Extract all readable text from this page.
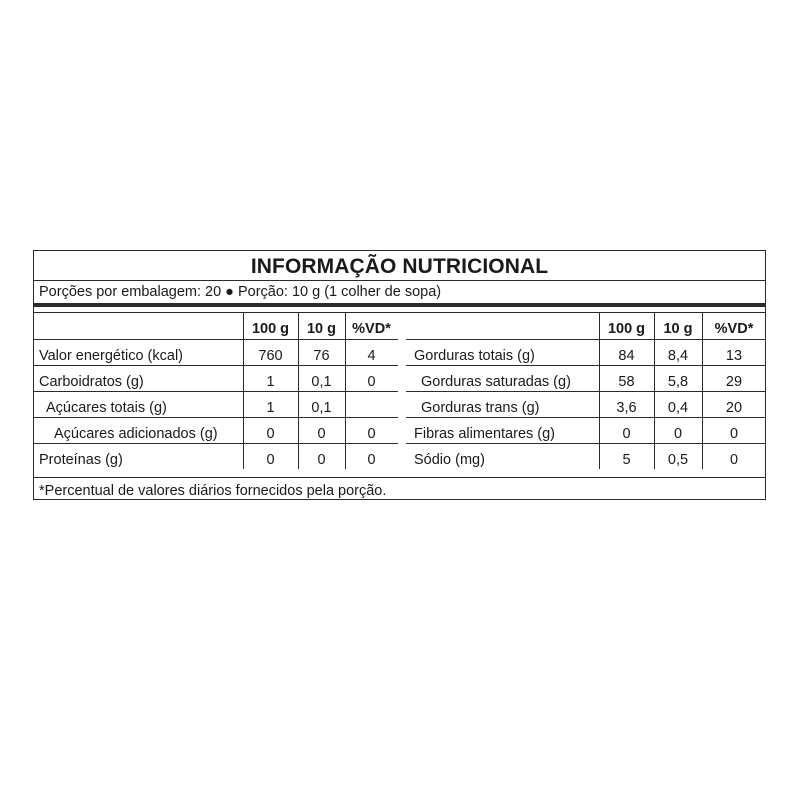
INFORMAÇÃO NUTRICIONAL
Porções por embalagem: 20 ● Porção: 10 g (1 colher de sopa)
100 g	10 g	%VD*
Valor energético (kcal)	760	76	4
Carboidratos (g)	1	0,1	0
Açúcares totais (g)	1	0,1
Açúcares adicionados (g)	0	0	0
Proteínas (g)	0	0	0
100 g	10 g	%VD*
Gorduras totais (g)	84	8,4	13
Gorduras saturadas (g)	58	5,8	29
Gorduras trans (g)	3,6	0,4	20
Fibras alimentares (g)	0	0	0
Sódio (mg)	5	0,5	0
*Percentual de valores diários fornecidos pela porção.
